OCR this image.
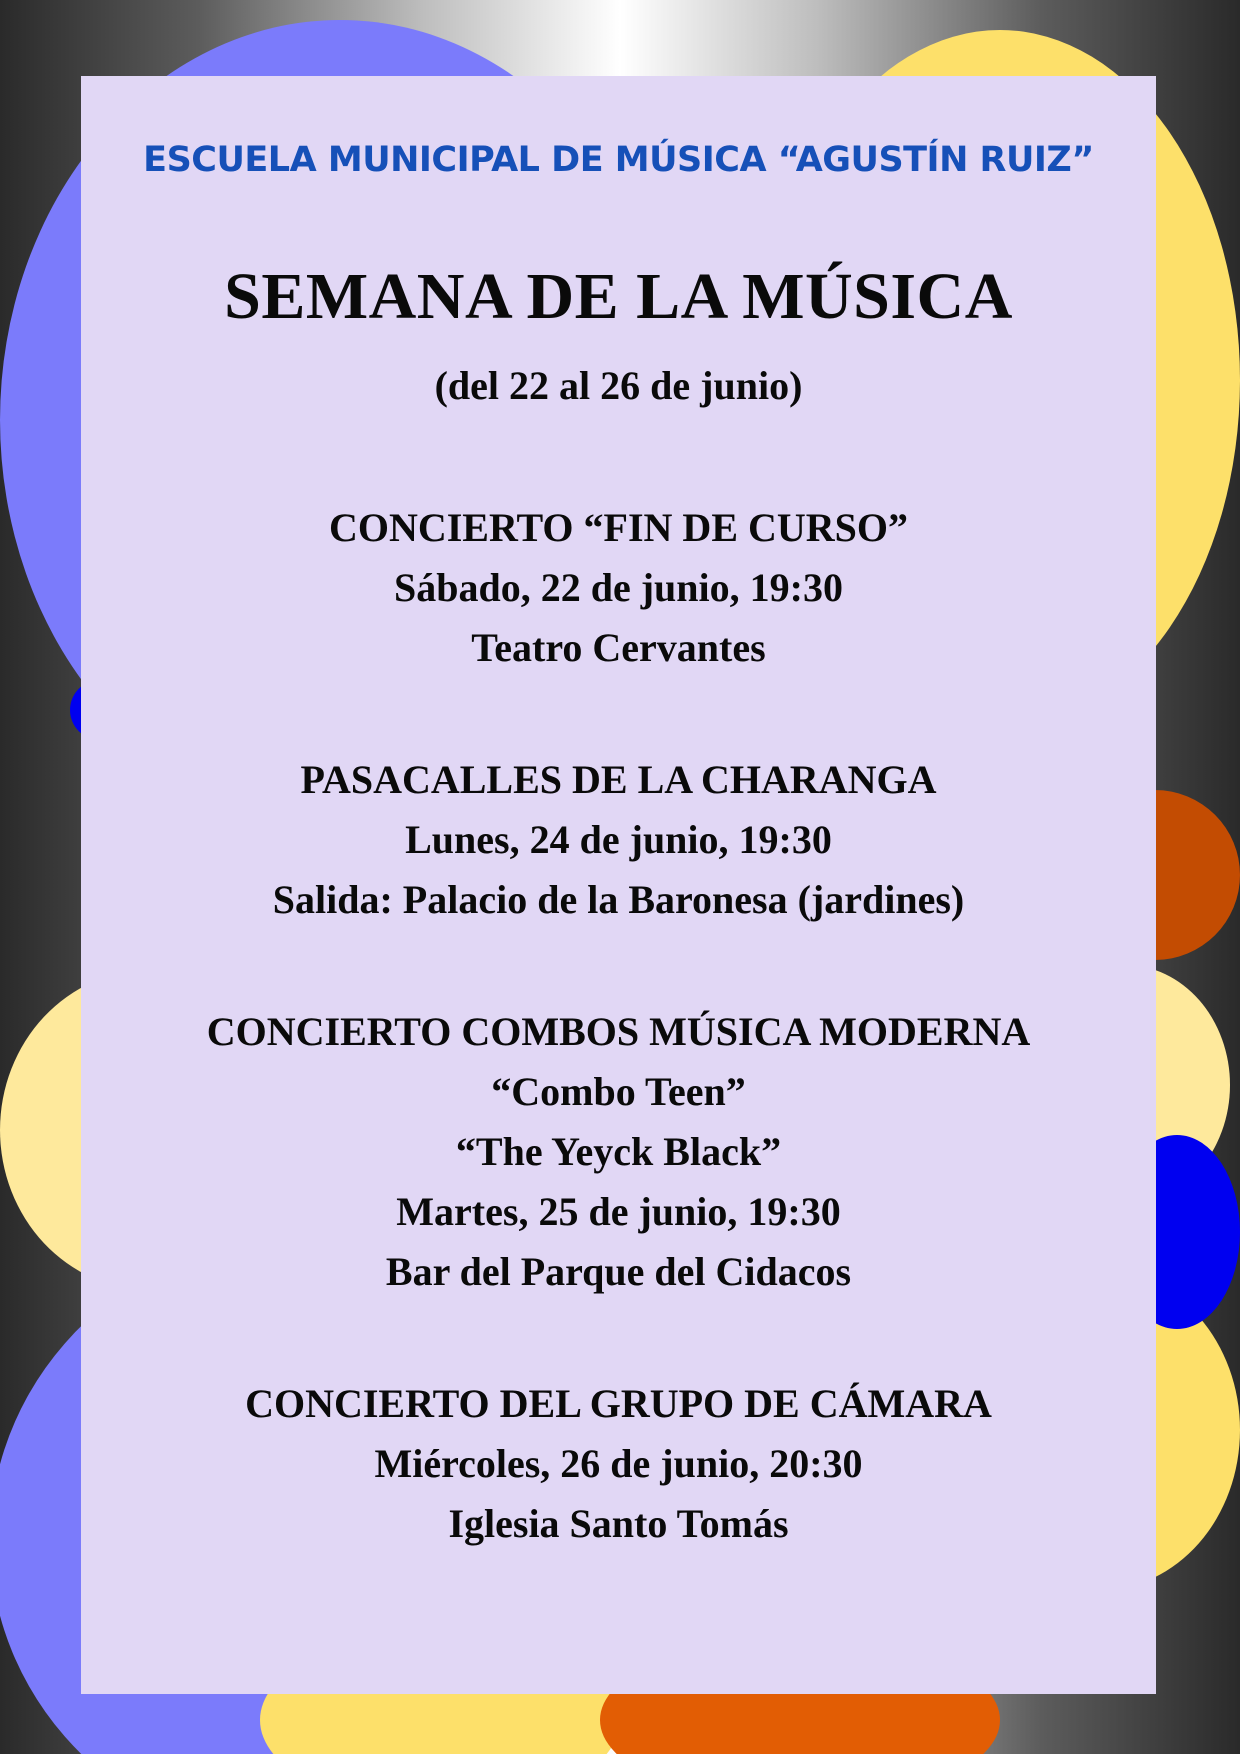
ESCUELA MUNICIPAL DE MÚSICA “AGUSTÍN RUIZ”
SEMANA DE LA MÚSICA

(del 22 al 26 de junio)

CONCIERTO “FIN DE CURSO”

Sábado, 22 de junio, 19:30

Teatro Cervantes

PASACALLES DE LA CHARANGA

Lunes, 24 de junio, 19:30

Salida: Palacio de la Baronesa (jardines)

CONCIERTO COMBOS MÚSICA MODERNA

“Combo Teen”

“The Yeyck Black”

Martes, 25 de junio, 19:30

Bar del Parque del Cidacos

CONCIERTO DEL GRUPO DE CÁMARA

Miércoles, 26 de junio, 20:30

Iglesia Santo Tomás
